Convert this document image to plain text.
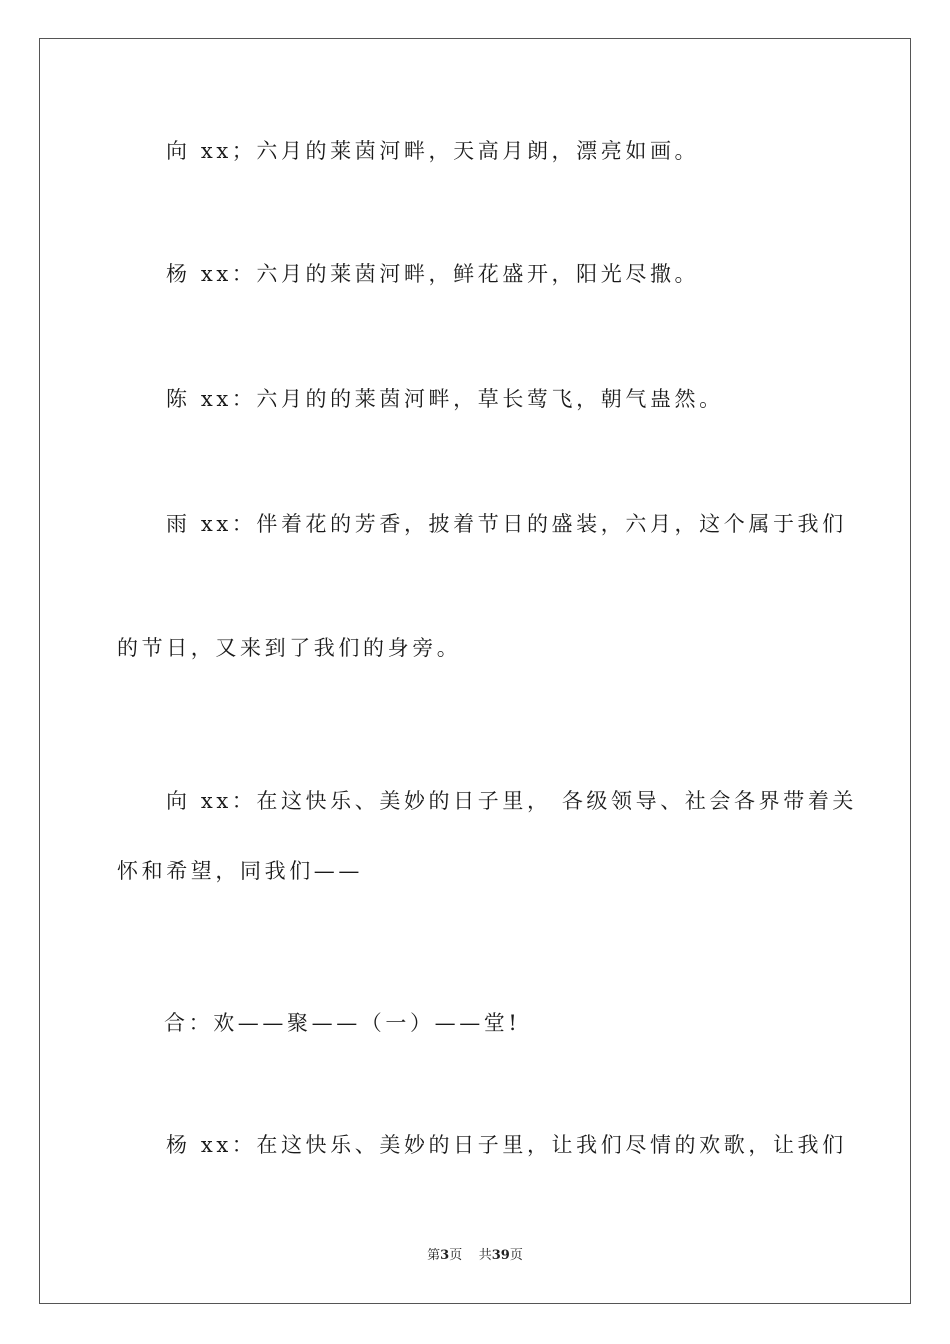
向 xx；六月的莱茵河畔，天高月朗，漂亮如画。
杨 xx：六月的莱茵河畔，鲜花盛开，阳光尽撒。
陈 xx：六月的的莱茵河畔，草长莺飞，朝气蛊然。
雨 xx：伴着花的芳香，披着节日的盛装，六月，这个属于我们
的节日，又来到了我们的身旁。
向 xx：在这快乐、美妙的日子里， 各级领导、社会各界带着关
怀和希望，同我们——
合：欢——聚——（一）——堂!
杨 xx：在这快乐、美妙的日子里，让我们尽情的欢歌，让我们
第3页 共39页
